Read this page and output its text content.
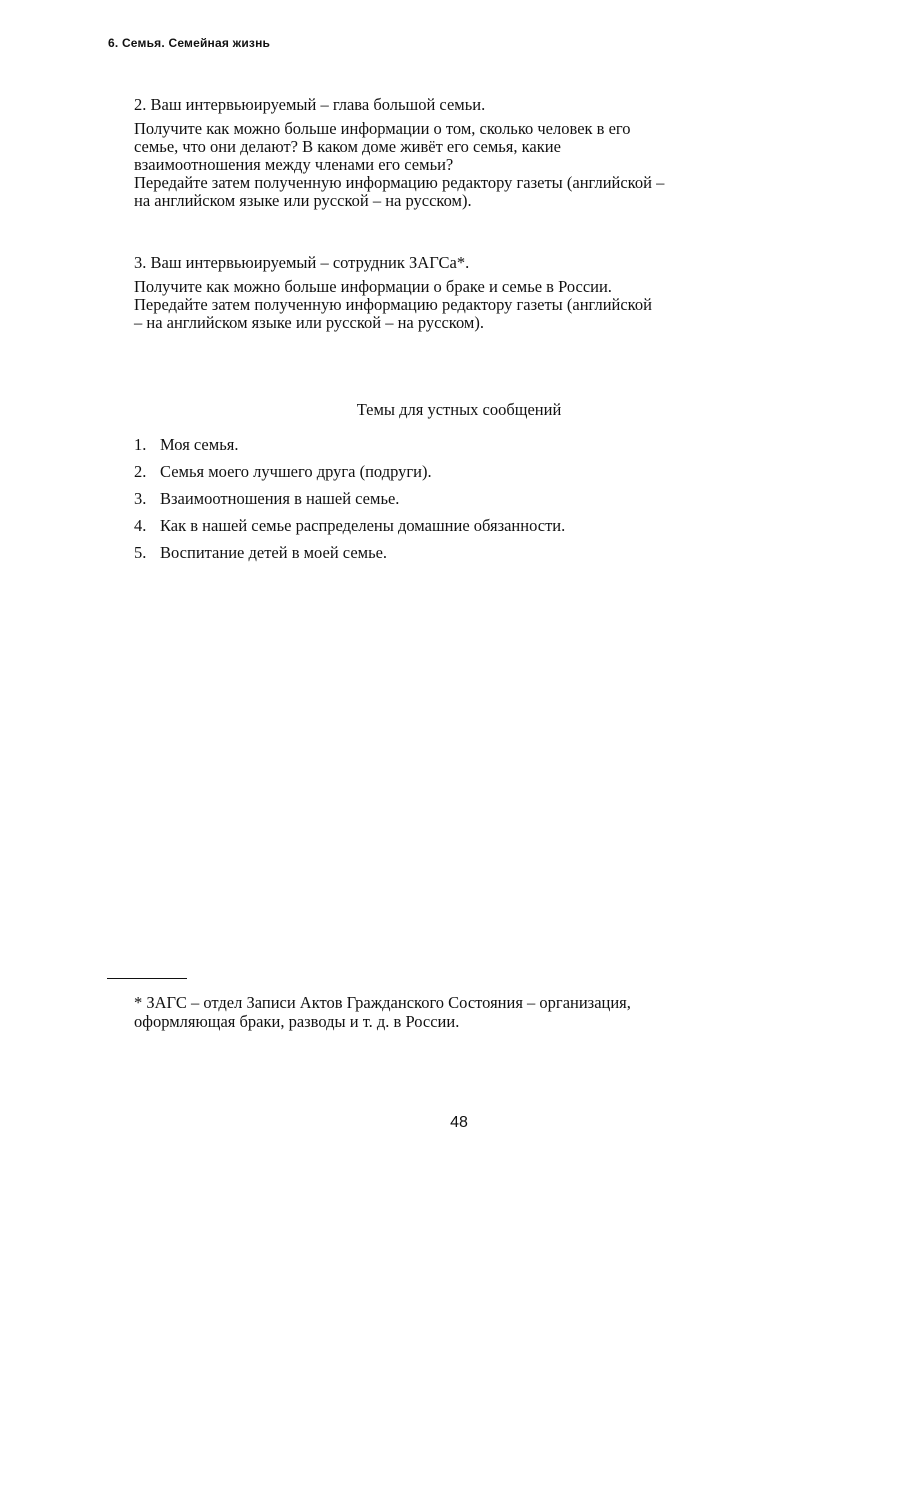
6. Семья. Семейная жизнь

2. Ваш интервьюируемый – глава большой семьи.

Получите как можно больше информации о том, сколько человек в его
семье, что они делают? В каком доме живёт его семья, какие
взаимоотношения между членами его семьи?
Передайте затем полученную информацию редактору газеты (английской –
на английском языке или русской – на русском).

3. Ваш интервьюируемый – сотрудник ЗАГСа*.

Получите как можно больше информации о браке и семье в России.
Передайте затем полученную информацию редактору газеты (английской
– на английском языке или русской – на русском).

Темы для устных сообщений
1. Моя семья.
2. Семья моего лучшего друга (подруги).
3. Взаимоотношения в нашей семье.
4. Как в нашей семье распределены домашние обязанности.
5. Воспитание детей в моей семье.
* ЗАГС – отдел Записи Актов Гражданского Состояния – организация,
оформляющая браки, разводы и т. д. в России.
48
